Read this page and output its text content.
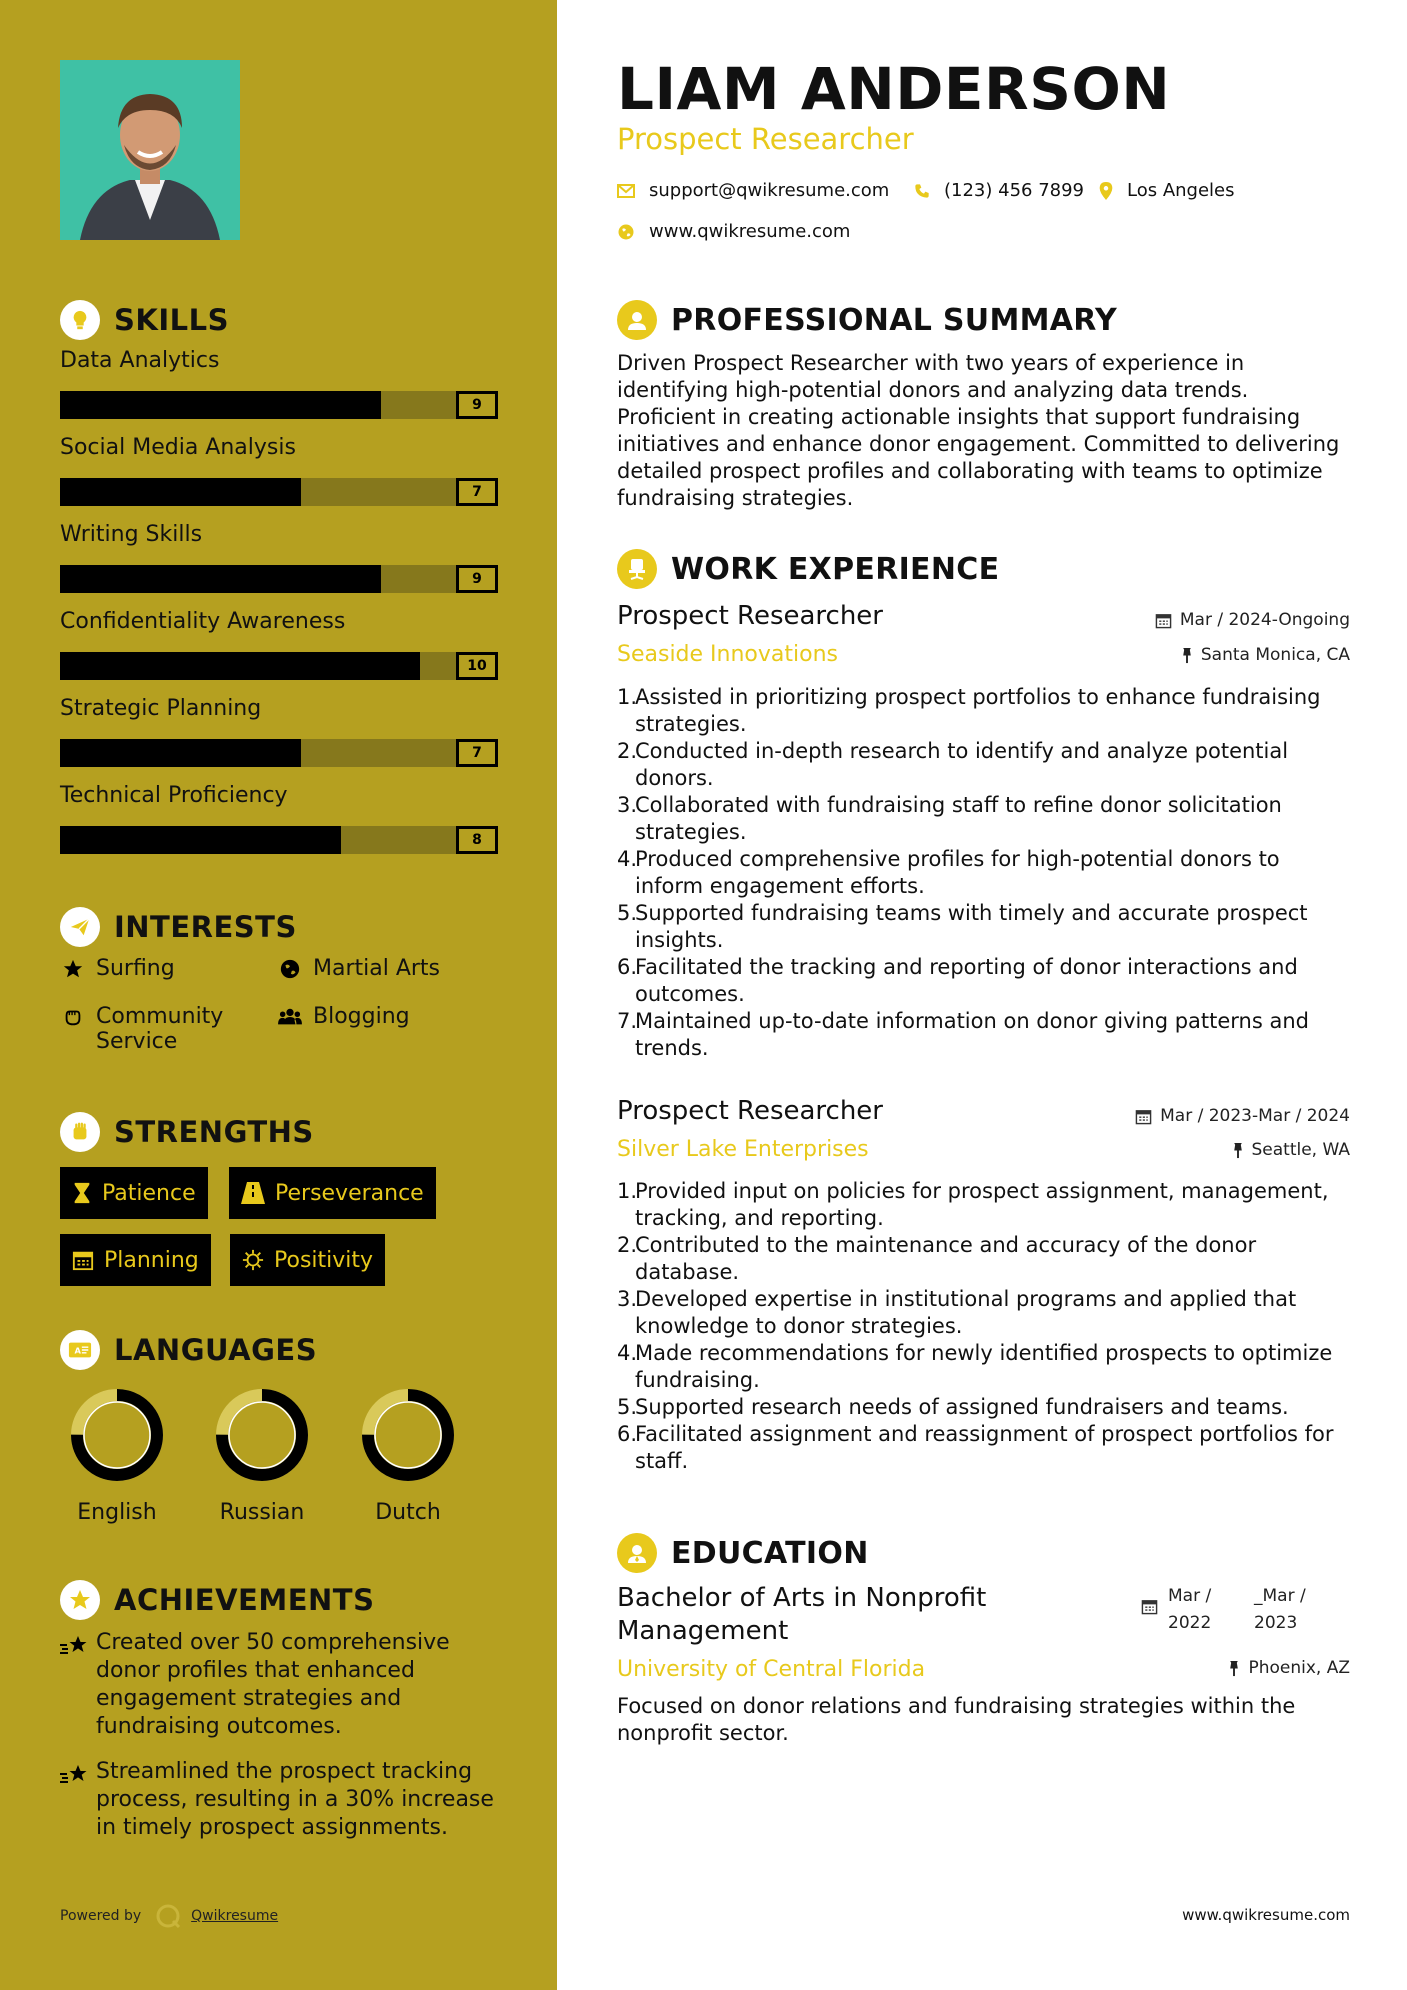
SKILLS
INTERESTS
Surfing	Martial Arts
Community Service
Blogging
STRENGTHS
Patience	Perseverance
Planning	Positivity
A LANGUAGES
ACHIEVEMENTS
Created over 50 comprehensive donor profiles that enhanced engagement strategies and fundraising outcomes.
Streamlined the prospect tracking process, resulting in a 30% increase in timely prospect assignments.
Powered by	Qwikresume
Data Analytics
9
Social Media Analysis
7
Writing Skills
9
Confidentiality Awareness
10
Strategic Planning
7
Technical Proficiency
8
English	Russian	Dutch
LIAM ANDERSON
Prospect Researcher
support@qwikresume.com	(123) 456 7899 Los Angeles
www.qwikresume.com
PROFESSIONAL SUMMARY
Driven Prospect Researcher with two years of experience in identifying high-potential donors and analyzing data trends. Proficient in creating actionable insights that support fundraising initiatives and enhance donor engagement. Committed to delivering detailed prospect profiles and collaborating with teams to optimize fundraising strategies.
WORK EXPERIENCE
Prospect Researcher	Mar / 2024-Ongoing
Seaside Innovations	Santa Monica, CA
1.
Assisted in prioritizing prospect portfolios to enhance fundraising strategies.
2.
Conducted in-depth research to identify and analyze potential donors.
3.
Collaborated with fundraising staff to refine donor solicitation strategies.
4.
Produced comprehensive profiles for high-potential donors to inform engagement efforts.
5.
Supported fundraising teams with timely and accurate prospect insights.
6.
Facilitated the tracking and reporting of donor interactions and outcomes.
7.
Maintained up-to-date information on donor giving patterns and trends.
Prospect Researcher	Mar / 2023-Mar / 2024
Silver Lake Enterprises	Seattle, WA
1.
Provided input on policies for prospect assignment, management, tracking, and reporting.
2.
Contributed to the maintenance and accuracy of the donor database.
3.
Developed expertise in institutional programs and applied that knowledge to donor strategies.
4.
Made recommendations for newly identified prospects to optimize fundraising.
5.
Supported research needs of assigned fundraisers and teams.
6.
Facilitated assignment and reassignment of prospect portfolios for staff.
EDUCATION
Bachelor of Arts in Nonprofit Management
Mar / 2022
_Mar / 2023
University of Central Florida	Phoenix, AZ
Focused on donor relations and fundraising strategies within the nonprofit sector.
www.qwikresume.com
